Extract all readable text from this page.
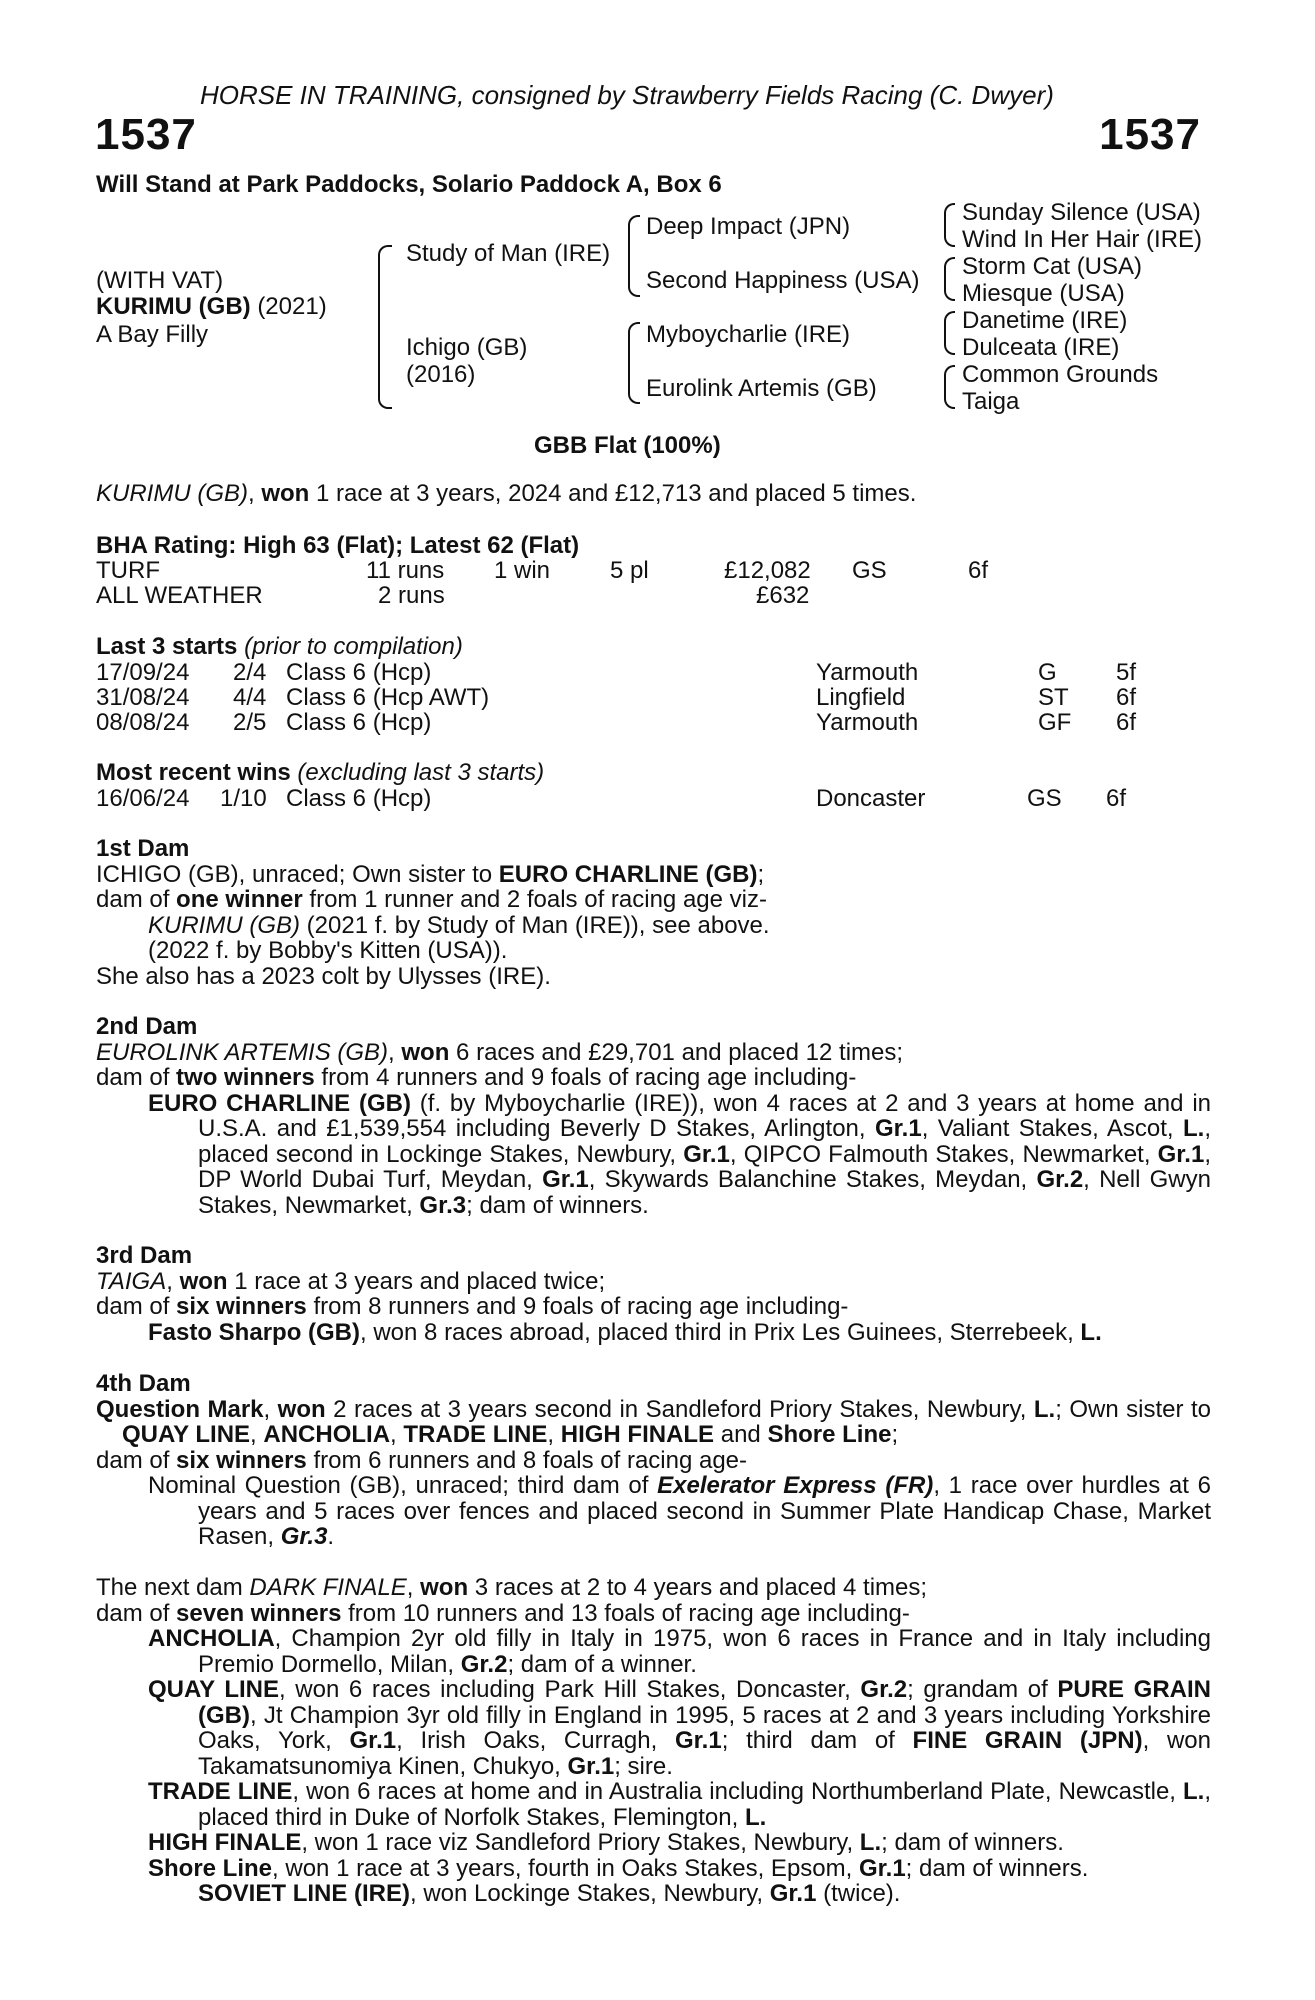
HORSE IN TRAINING, consigned by Strawberry Fields Racing (C. Dwyer)
1537	1537
Will Stand at Park Paddocks, Solario Paddock A, Box 6
(WITH VAT)
KURIMU (GB) (2021)
A Bay Filly
Study of Man (IRE)
Ichigo (GB)
(2016)
Deep Impact (JPN)
Second Happiness (USA)
Myboycharlie (IRE)
Eurolink Artemis (GB)
Sunday Silence (USA)
Wind In Her Hair (IRE)
Storm Cat (USA)
Miesque (USA)
Danetime (IRE)
Dulceata (IRE)
Common Grounds
Taiga
GBB Flat (100%)
KURIMU (GB), won 1 race at 3 years, 2024 and £12,713 and placed 5 times.
BHA Rating: High 63 (Flat); Latest 62 (Flat)
TURF	11 runs 1 win 5 pl	£12,082 GS	6f
ALL WEATHER	2 runs	£632
Last 3 starts (prior to compilation)
17/09/24 2/4 Class 6 (Hcp)	Yarmouth	G 5f
31/08/24 4/4 Class 6 (Hcp AWT)	Lingfield	ST 6f
08/08/24 2/5 Class 6 (Hcp)	Yarmouth	GF 6f
Most recent wins (excluding last 3 starts)
16/06/24 1/10 Class 6 (Hcp)	Doncaster	GS 6f

1st Dam

ICHIGO (GB), unraced; Own sister to EURO CHARLINE (GB);

dam of one winner from 1 runner and 2 foals of racing age viz-

KURIMU (GB) (2021 f. by Study of Man (IRE)), see above.

(2022 f. by Bobby's Kitten (USA)).

She also has a 2023 colt by Ulysses (IRE).

2nd Dam

EUROLINK ARTEMIS (GB), won 6 races and £29,701 and placed 12 times;

dam of two winners from 4 runners and 9 foals of racing age including-

EURO CHARLINE (GB) (f. by Myboycharlie (IRE)), won 4 races at 2 and 3 years at home and in U.S.A. and £1,539,554 including Beverly D Stakes, Arlington, Gr.1, Valiant Stakes, Ascot, L., placed second in Lockinge Stakes, Newbury, Gr.1, QIPCO Falmouth Stakes, Newmarket, Gr.1, DP World Dubai Turf, Meydan, Gr.1, Skywards Balanchine Stakes, Meydan, Gr.2, Nell Gwyn Stakes, Newmarket, Gr.3; dam of winners.

3rd Dam

TAIGA, won 1 race at 3 years and placed twice;

dam of six winners from 8 runners and 9 foals of racing age including-

Fasto Sharpo (GB), won 8 races abroad, placed third in Prix Les Guinees, Sterrebeek, L.

4th Dam

Question Mark, won 2 races at 3 years second in Sandleford Priory Stakes, Newbury, L.; Own sister to QUAY LINE, ANCHOLIA, TRADE LINE, HIGH FINALE and Shore Line;

dam of six winners from 6 runners and 8 foals of racing age-

Nominal Question (GB), unraced; third dam of Exelerator Express (FR), 1 race over hurdles at 6 years and 5 races over fences and placed second in Summer Plate Handicap Chase, Market Rasen, Gr.3.

The next dam DARK FINALE, won 3 races at 2 to 4 years and placed 4 times;

dam of seven winners from 10 runners and 13 foals of racing age including-

ANCHOLIA, Champion 2yr old filly in Italy in 1975, won 6 races in France and in Italy including Premio Dormello, Milan, Gr.2; dam of a winner.

QUAY LINE, won 6 races including Park Hill Stakes, Doncaster, Gr.2; grandam of PURE GRAIN (GB), Jt Champion 3yr old filly in England in 1995, 5 races at 2 and 3 years including Yorkshire Oaks, York, Gr.1, Irish Oaks, Curragh, Gr.1; third dam of FINE GRAIN (JPN), won Takamatsunomiya Kinen, Chukyo, Gr.1; sire.

TRADE LINE, won 6 races at home and in Australia including Northumberland Plate, Newcastle, L., placed third in Duke of Norfolk Stakes, Flemington, L.

HIGH FINALE, won 1 race viz Sandleford Priory Stakes, Newbury, L.; dam of winners.

Shore Line, won 1 race at 3 years, fourth in Oaks Stakes, Epsom, Gr.1; dam of winners.

SOVIET LINE (IRE), won Lockinge Stakes, Newbury, Gr.1 (twice).
